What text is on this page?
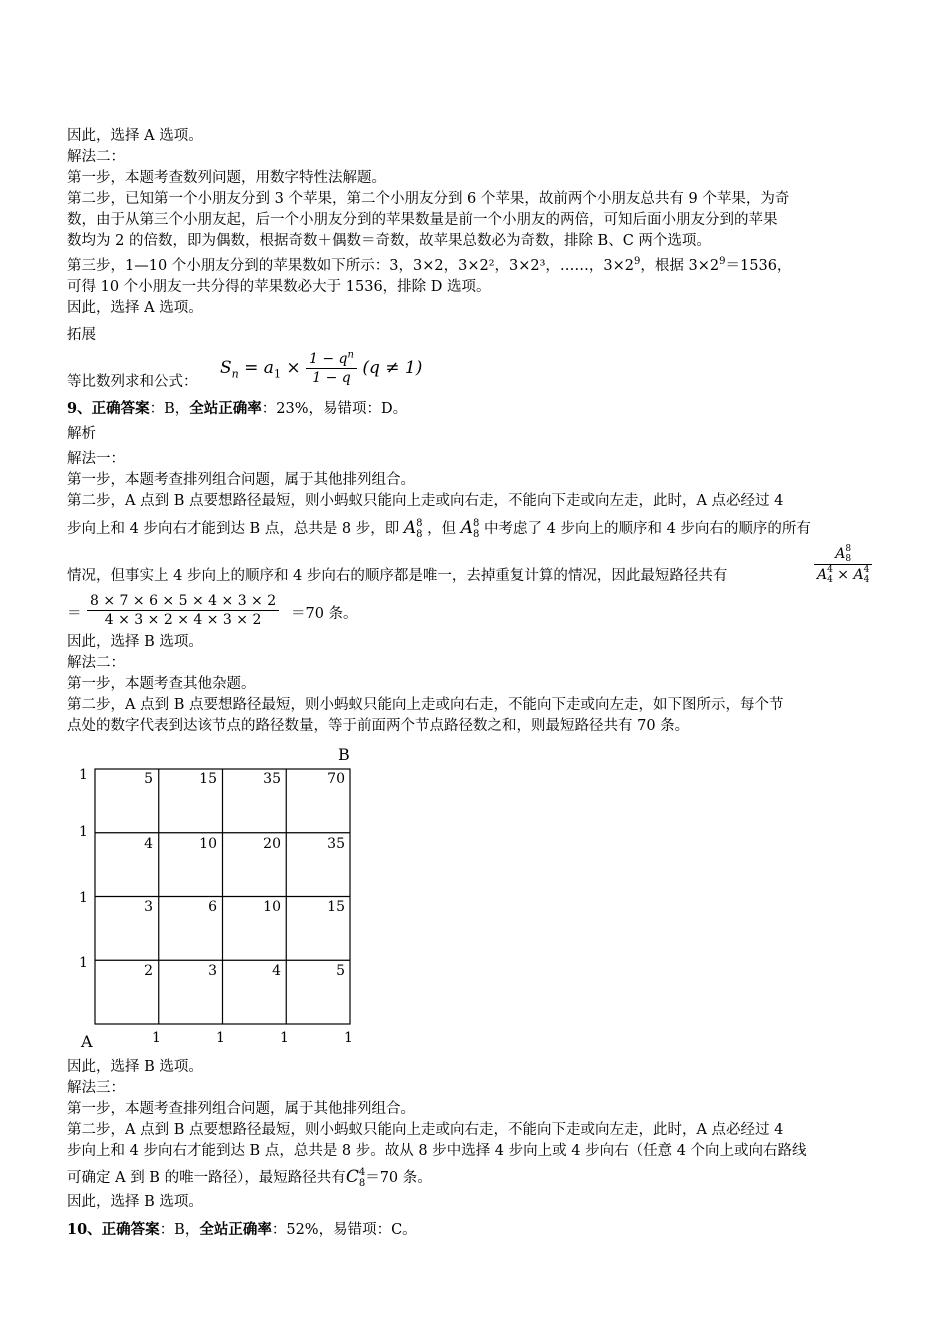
因此，选择 A 选项。
解法二：
第一步，本题考查数列问题，用数字特性法解题。
第二步，已知第一个小朋友分到 3 个苹果，第二个小朋友分到 6 个苹果，故前两个小朋友总共有 9 个苹果，为奇
数，由于从第三个小朋友起，后一个小朋友分到的苹果数量是前一个小朋友的两倍，可知后面小朋友分到的苹果
数均为 2 的倍数，即为偶数，根据奇数＋偶数＝奇数，故苹果总数必为奇数，排除 B、C 两个选项。
第三步，1—10 个小朋友分到的苹果数如下所示：3，3×2，3×2²，3×2³，……，$3\times 2^9$，根据 $3\times 2^9=1536$，
可得 10 个小朋友一共分得的苹果数必大于 1536，排除 D 选项。
因此，选择 A 选项。
拓展
等比数列求和公式：
$S_n = a_1 \times \frac{1 - q^n}{1 - q} (q \ne 1)$
9、正确答案：B，全站正确率：23%，易错项：D。
解析
解法一：
第一步，本题考查排列组合问题，属于其他排列组合。
第二步，A 点到 B 点要想路径最短，则小蚂蚁只能向上走或向右走，不能向下走或向左走，此时，A 点必经过 4
步向上和 4 步向右才能到达 B 点，总共是 8 步，即 A 8
8 ，但 A 8
8 中考虑了 4 步向上的顺序和 4 步向右的顺序的所有
情况，但事实上 4 步向上的顺序和 4 步向右的顺序都是唯一，去掉重复计算的情况，因此最短路径共有	A 8
8
A 4
4 × A 4
4
＝ $\frac{8 \times 7 \times 6 \times 5 \times 4 \times 3 \times 2}{4 \times 3 \times 2 \times 4 \times 3 \times 2} =70$ 条。
因此，选择 B 选项。
解法二：
第一步，本题考查其他杂题。
第二步，A 点到 B 点要想路径最短，则小蚂蚁只能向上走或向右走，不能向下走或向左走，如下图所示，每个节
点处的数字代表到达该节点的路径数量，等于前面两个节点路径数之和，则最短路径共有 70 条。
B
A
1
1
1
1
1	1	1	1
5	15	35	70
4	10	20	35
3	6	10	15
2	3	4	5
因此，选择 B 选项。
解法三：
第一步，本题考查排列组合问题，属于其他排列组合。
第二步，A 点到 B 点要想路径最短，则小蚂蚁只能向上走或向右走，不能向下走或向左走，此时，A 点必经过 4
步向上和 4 步向右才能到达 B 点，总共是 8 步。故从 8 步中选择 4 步向上或 4 步向右（任意 4 个向上或向右路线
可确定 A 到 B 的唯一路径），最短路径共有C 4
8 ＝70 条。
因此，选择 B 选项。
10、正确答案：B，全站正确率：52%，易错项：C。
